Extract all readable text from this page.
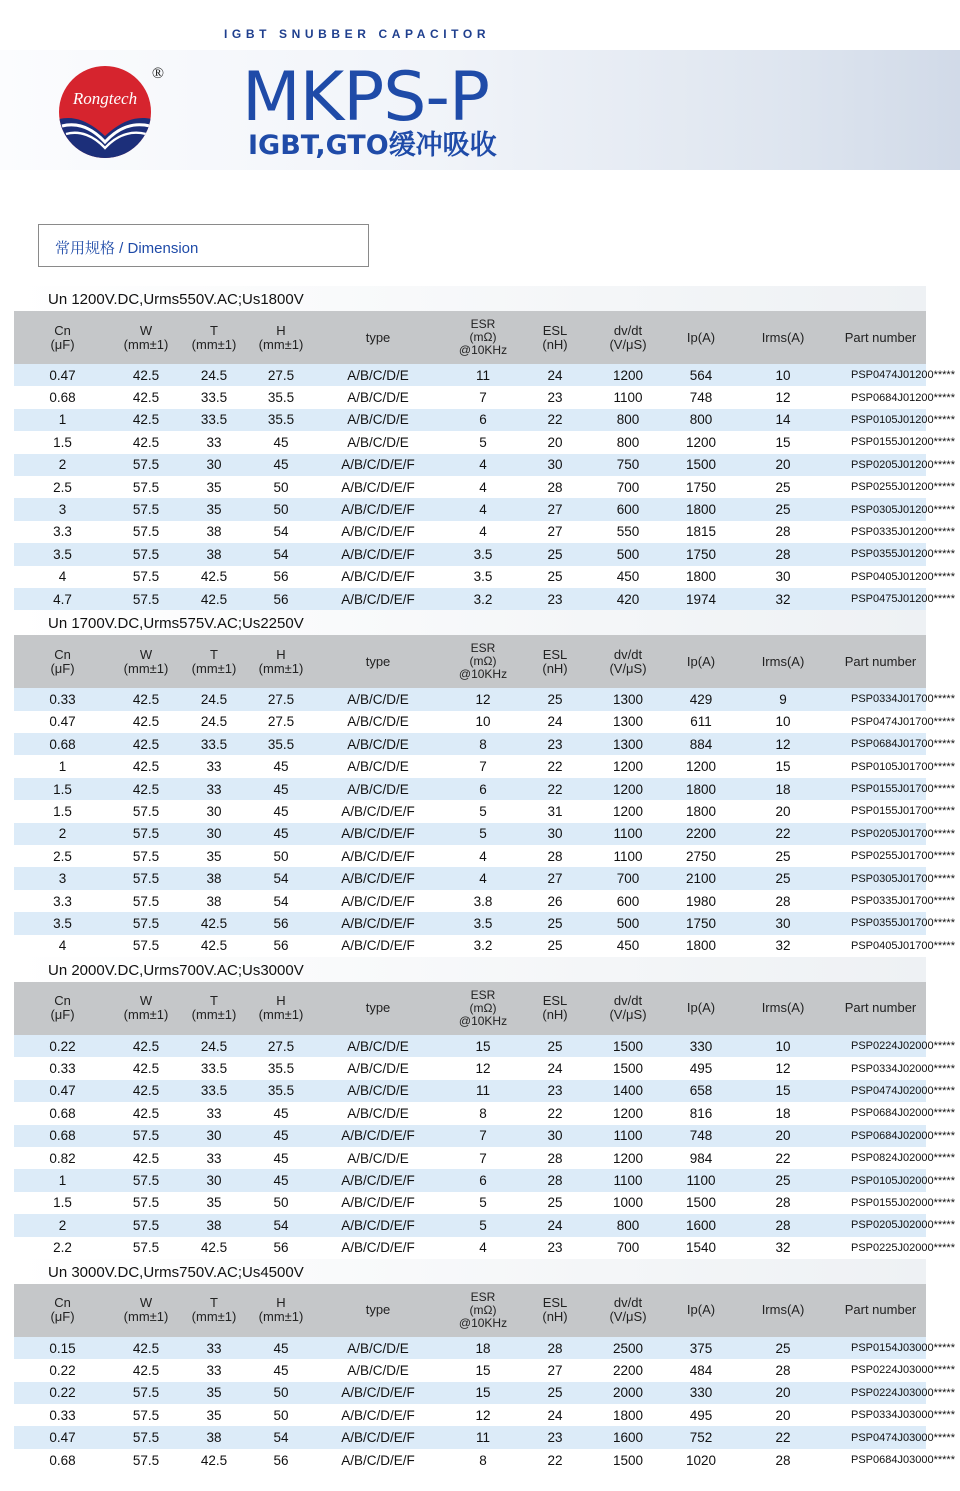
IGBT SNUBBER CAPACITOR
Rongtech
® MKPS-P
IGBT,GTO缓冲吸收
常用规格 / Dimension
Un 1200V.DC,Urms550V.AC;Us1800V
Cn
(μF)	W
(mm±1)	T
(mm±1)	H
(mm±1)	type	ESR
(mΩ)
@10KHz	ESL
(nH)	dv/dt
(V/μS)	Ip(A)	Irms(A)	Part number
0.47	42.5	24.5	27.5	A/B/C/D/E	11	24	1200	564	10	PSP0474J01200*****
0.68	42.5	33.5	35.5	A/B/C/D/E	7	23	1100	748	12	PSP0684J01200*****
1	42.5	33.5	35.5	A/B/C/D/E	6	22	800	800	14	PSP0105J01200*****
1.5	42.5	33	45	A/B/C/D/E	5	20	800	1200	15	PSP0155J01200*****
2	57.5	30	45	A/B/C/D/E/F	4	30	750	1500	20	PSP0205J01200*****
2.5	57.5	35	50	A/B/C/D/E/F	4	28	700	1750	25	PSP0255J01200*****
3	57.5	35	50	A/B/C/D/E/F	4	27	600	1800	25	PSP0305J01200*****
3.3	57.5	38	54	A/B/C/D/E/F	4	27	550	1815	28	PSP0335J01200*****
3.5	57.5	38	54	A/B/C/D/E/F	3.5	25	500	1750	28	PSP0355J01200*****
4	57.5	42.5	56	A/B/C/D/E/F	3.5	25	450	1800	30	PSP0405J01200*****
4.7	57.5	42.5	56	A/B/C/D/E/F	3.2	23	420	1974	32	PSP0475J01200*****
Un 1700V.DC,Urms575V.AC;Us2250V
Cn
(μF)	W
(mm±1)	T
(mm±1)	H
(mm±1)	type	ESR
(mΩ)
@10KHz	ESL
(nH)	dv/dt
(V/μS)	Ip(A)	Irms(A)	Part number
0.33	42.5	24.5	27.5	A/B/C/D/E	12	25	1300	429	9	PSP0334J01700*****
0.47	42.5	24.5	27.5	A/B/C/D/E	10	24	1300	611	10	PSP0474J01700*****
0.68	42.5	33.5	35.5	A/B/C/D/E	8	23	1300	884	12	PSP0684J01700*****
1	42.5	33	45	A/B/C/D/E	7	22	1200	1200	15	PSP0105J01700*****
1.5	42.5	33	45	A/B/C/D/E	6	22	1200	1800	18	PSP0155J01700*****
1.5	57.5	30	45	A/B/C/D/E/F	5	31	1200	1800	20	PSP0155J01700*****
2	57.5	30	45	A/B/C/D/E/F	5	30	1100	2200	22	PSP0205J01700*****
2.5	57.5	35	50	A/B/C/D/E/F	4	28	1100	2750	25	PSP0255J01700*****
3	57.5	38	54	A/B/C/D/E/F	4	27	700	2100	25	PSP0305J01700*****
3.3	57.5	38	54	A/B/C/D/E/F	3.8	26	600	1980	28	PSP0335J01700*****
3.5	57.5	42.5	56	A/B/C/D/E/F	3.5	25	500	1750	30	PSP0355J01700*****
4	57.5	42.5	56	A/B/C/D/E/F	3.2	25	450	1800	32	PSP0405J01700*****
Un 2000V.DC,Urms700V.AC;Us3000V
Cn
(μF)	W
(mm±1)	T
(mm±1)	H
(mm±1)	type	ESR
(mΩ)
@10KHz	ESL
(nH)	dv/dt
(V/μS)	Ip(A)	Irms(A)	Part number
0.22	42.5	24.5	27.5	A/B/C/D/E	15	25	1500	330	10	PSP0224J02000*****
0.33	42.5	33.5	35.5	A/B/C/D/E	12	24	1500	495	12	PSP0334J02000*****
0.47	42.5	33.5	35.5	A/B/C/D/E	11	23	1400	658	15	PSP0474J02000*****
0.68	42.5	33	45	A/B/C/D/E	8	22	1200	816	18	PSP0684J02000*****
0.68	57.5	30	45	A/B/C/D/E/F	7	30	1100	748	20	PSP0684J02000*****
0.82	42.5	33	45	A/B/C/D/E	7	28	1200	984	22	PSP0824J02000*****
1	57.5	30	45	A/B/C/D/E/F	6	28	1100	1100	25	PSP0105J02000*****
1.5	57.5	35	50	A/B/C/D/E/F	5	25	1000	1500	28	PSP0155J02000*****
2	57.5	38	54	A/B/C/D/E/F	5	24	800	1600	28	PSP0205J02000*****
2.2	57.5	42.5	56	A/B/C/D/E/F	4	23	700	1540	32	PSP0225J02000*****
Un 3000V.DC,Urms750V.AC;Us4500V
Cn
(μF)	W
(mm±1)	T
(mm±1)	H
(mm±1)	type	ESR
(mΩ)
@10KHz	ESL
(nH)	dv/dt
(V/μS)	Ip(A)	Irms(A)	Part number
0.15	42.5	33	45	A/B/C/D/E	18	28	2500	375	25	PSP0154J03000*****
0.22	42.5	33	45	A/B/C/D/E	15	27	2200	484	28	PSP0224J03000*****
0.22	57.5	35	50	A/B/C/D/E/F	15	25	2000	330	20	PSP0224J03000*****
0.33	57.5	35	50	A/B/C/D/E/F	12	24	1800	495	20	PSP0334J03000*****
0.47	57.5	38	54	A/B/C/D/E/F	11	23	1600	752	22	PSP0474J03000*****
0.68	57.5	42.5	56	A/B/C/D/E/F	8	22	1500	1020	28	PSP0684J03000*****
